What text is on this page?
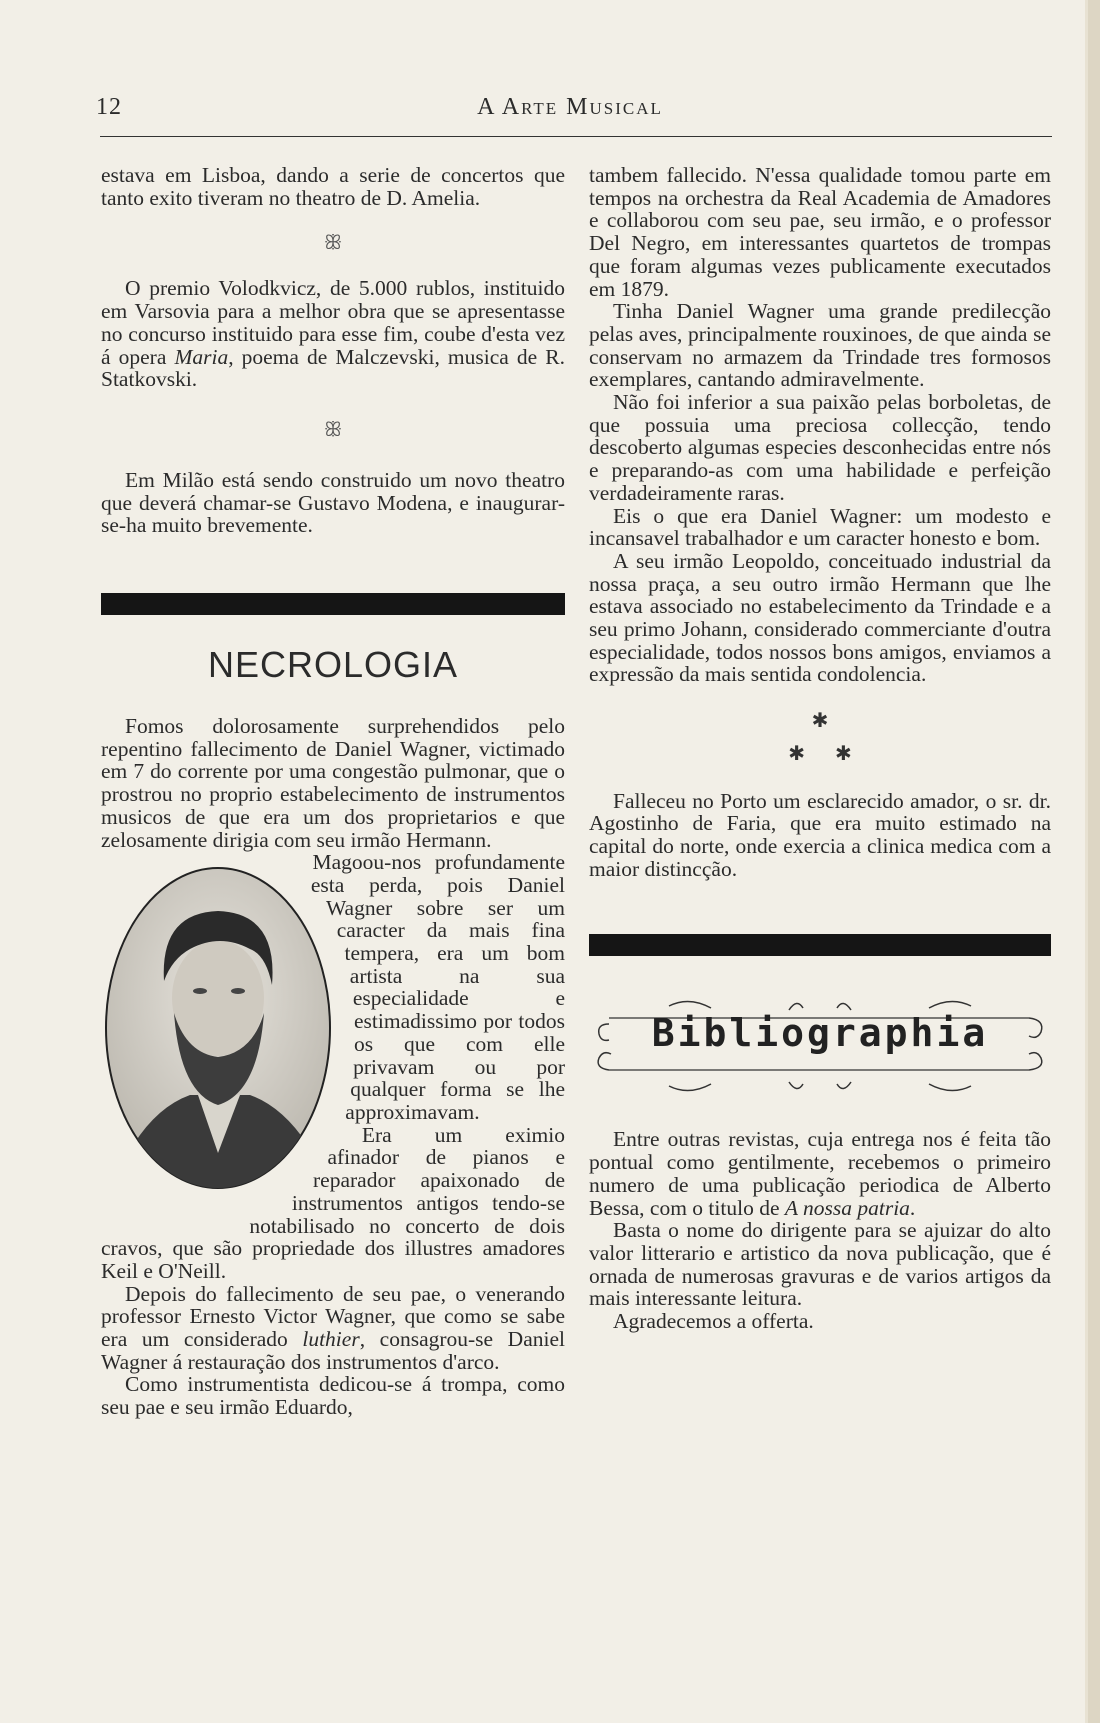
12	A Arte Musical

estava em Lisboa, dando a serie de concertos que tanto exito tiveram no theatro de D. Amelia.

ꕥ

O premio Volodkvicz, de 5.000 rublos, instituido em Varsovia para a melhor obra que se apresentasse no concurso instituido para esse fim, coube d'esta vez á opera Maria, poema de Malczevski, musica de R. Statkovski.

ꕥ

Em Milão está sendo construido um novo theatro que deverá chamar-se Gustavo Modena, e inaugurar-se-ha muito brevemente.

NECROLOGIA

Fomos dolorosamente surprehendidos pelo repentino fallecimento de Daniel Wagner, victimado em 7 do corrente por uma congestão pulmonar, que o prostrou no proprio estabelecimento de instrumentos musicos de que era um dos proprietarios e que zelosamente dirigia com seu irmão Hermann.

Magoou-nos profundamente esta perda, pois Daniel Wagner sobre ser um caracter da mais fina tempera, era um bom artista na sua especialidade e estimadissimo por todos os que com elle privavam ou por qualquer forma se lhe approximavam.

Era um eximio afinador de pianos e reparador apaixonado de instrumentos antigos tendo-se notabilisado no concerto de dois cravos, que são propriedade dos illustres amadores Keil e O'Neill.

Depois do fallecimento de seu pae, o venerando professor Ernesto Victor Wagner, que como se sabe era um considerado luthier, consagrou-se Daniel Wagner á restauração dos instrumentos d'arco.

Como instrumentista dedicou-se á trompa, como seu pae e seu irmão Eduardo,

tambem fallecido. N'essa qualidade tomou parte em tempos na orchestra da Real Academia de Amadores e collaborou com seu pae, seu irmão, e o professor Del Negro, em interessantes quartetos de trompas que foram algumas vezes publicamente executados em 1879.

Tinha Daniel Wagner uma grande predilecção pelas aves, principalmente rouxinoes, de que ainda se conservam no armazem da Trindade tres formosos exemplares, cantando admiravelmente.

Não foi inferior a sua paixão pelas borboletas, de que possuia uma preciosa collecção, tendo descoberto algumas especies desconhecidas entre nós e preparando-as com uma habilidade e perfeição verdadeiramente raras.

Eis o que era Daniel Wagner: um modesto e incansavel trabalhador e um caracter honesto e bom.

A seu irmão Leopoldo, conceituado industrial da nossa praça, a seu outro irmão Hermann que lhe estava associado no estabelecimento da Trindade e a seu primo Johann, considerado commerciante d'outra especialidade, todos nossos bons amigos, enviamos a expressão da mais sentida condolencia.

✱
✱      ✱

Falleceu no Porto um esclarecido amador, o sr. dr. Agostinho de Faria, que era muito estimado na capital do norte, onde exercia a clinica medica com a maior distincção.

Bibliographia

Entre outras revistas, cuja entrega nos é feita tão pontual como gentilmente, recebemos o primeiro numero de uma publicação periodica de Alberto Bessa, com o titulo de A nossa patria.

Basta o nome do dirigente para se ajuizar do alto valor litterario e artistico da nova publicação, que é ornada de numerosas gravuras e de varios artigos da mais interessante leitura.

Agradecemos a offerta.
